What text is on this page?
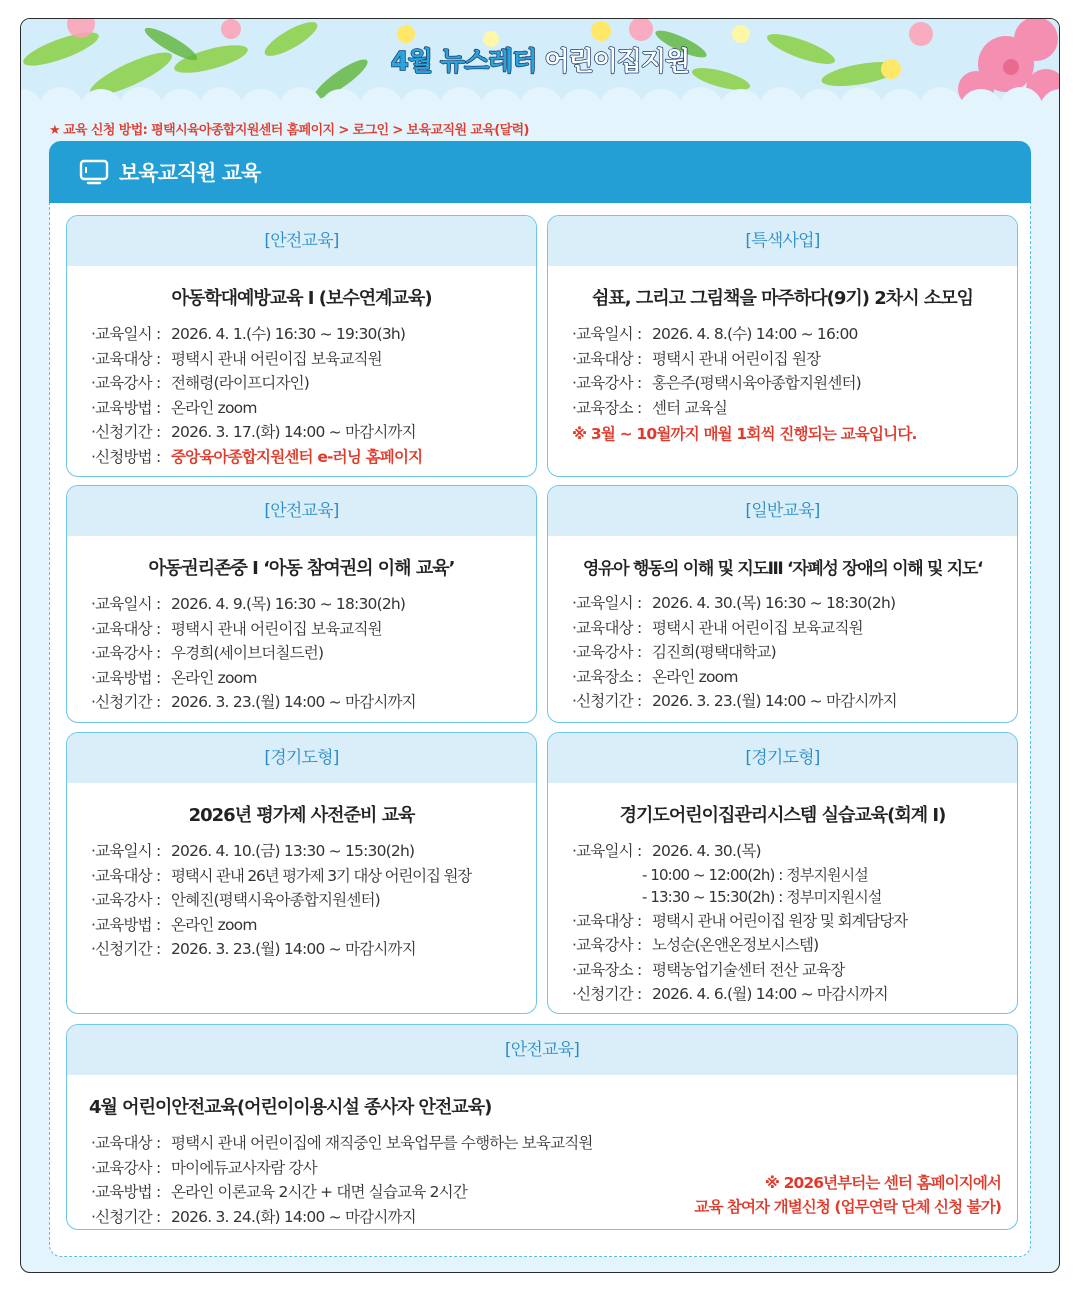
4월 뉴스레터 어린이집지원
★ 교육 신청 방법: 평택시육아종합지원센터 홈페이지 > 로그인 > 보육교직원 교육(달력)
보육교직원 교육
[안전교육]
아동학대예방교육 Ⅰ (보수연계교육)
·교육일시 : 2026. 4. 1.(수) 16:30 ~ 19:30(3h)
·교육대상 : 평택시 관내 어린이집 보육교직원
·교육강사 : 전해령(라이프디자인)
·교육방법 : 온라인 zoom
·신청기간 : 2026. 3. 17.(화) 14:00 ~ 마감시까지
·신청방법 : 중앙육아종합지원센터 e-러닝 홈페이지
[특색사업]
쉼표, 그리고 그림책을 마주하다(9기) 2차시 소모임
·교육일시 : 2026. 4. 8.(수) 14:00 ~ 16:00
·교육대상 : 평택시 관내 어린이집 원장
·교육강사 : 홍은주(평택시육아종합지원센터)
·교육장소 : 센터 교육실
※ 3월 ~ 10월까지 매월 1회씩 진행되는 교육입니다.
[안전교육]
아동권리존중 Ⅰ ‘아동 참여권의 이해 교육’
·교육일시 : 2026. 4. 9.(목) 16:30 ~ 18:30(2h)
·교육대상 : 평택시 관내 어린이집 보육교직원
·교육강사 : 우경희(세이브더칠드런)
·교육방법 : 온라인 zoom
·신청기간 : 2026. 3. 23.(월) 14:00 ~ 마감시까지
[일반교육]
영유아 행동의 이해 및 지도Ⅲ ‘자폐성 장애의 이해 및 지도‘
·교육일시 : 2026. 4. 30.(목) 16:30 ~ 18:30(2h)
·교육대상 : 평택시 관내 어린이집 보육교직원
·교육강사 : 김진희(평택대학교)
·교육장소 : 온라인 zoom
·신청기간 : 2026. 3. 23.(월) 14:00 ~ 마감시까지
[경기도형]
2026년 평가제 사전준비 교육
·교육일시 : 2026. 4. 10.(금) 13:30 ~ 15:30(2h)
·교육대상 : 평택시 관내 26년 평가제 3기 대상 어린이집 원장
·교육강사 : 안혜진(평택시육아종합지원센터)
·교육방법 : 온라인 zoom
·신청기간 : 2026. 3. 23.(월) 14:00 ~ 마감시까지
[경기도형]
경기도어린이집관리시스템 실습교육(회계 Ⅰ)
·교육일시 : 2026. 4. 30.(목)
- 10:00 ~ 12:00(2h) : 정부지원시설
- 13:30 ~ 15:30(2h) : 정부미지원시설
·교육대상 : 평택시 관내 어린이집 원장 및 회계담당자
·교육강사 : 노성순(온앤온정보시스템)
·교육장소 : 평택농업기술센터 전산 교육장
·신청기간 : 2026. 4. 6.(월) 14:00 ~ 마감시까지
[안전교육]
4월 어린이안전교육(어린이이용시설 종사자 안전교육)
·교육대상 : 평택시 관내 어린이집에 재직중인 보육업무를 수행하는 보육교직원
·교육강사 : 마이에듀교사자람 강사
·교육방법 : 온라인 이론교육 2시간 + 대면 실습교육 2시간
·신청기간 : 2026. 3. 24.(화) 14:00 ~ 마감시까지
※ 2026년부터는 센터 홈페이지에서
교육 참여자 개별신청 (업무연락 단체 신청 불가)
